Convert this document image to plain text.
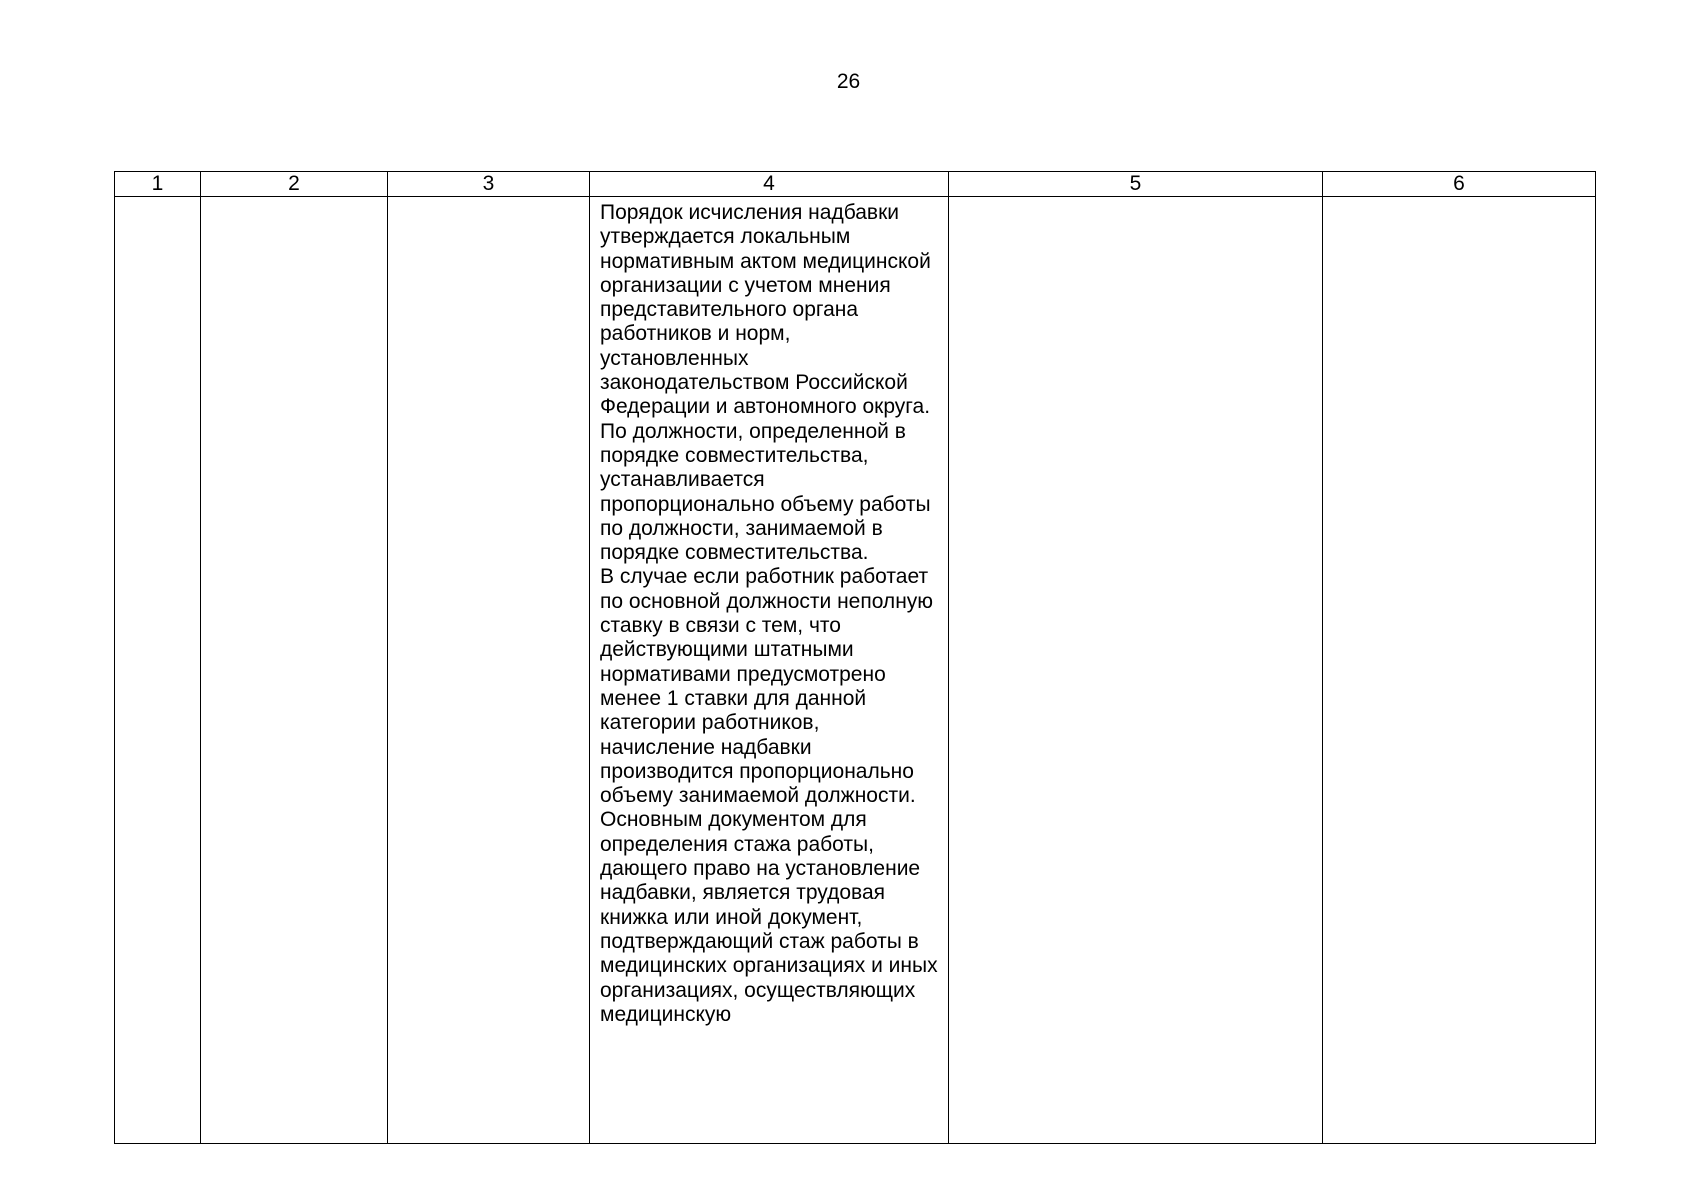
26
1	2	3	4	5	6

			Порядок исчисления надбавки утверждается локальным нормативным актом медицинской организации с учетом мнения представительного органа работников и норм, установленных законодательством Российской Федерации и автономного округа.

По должности, определенной в порядке совместительства, устанавливается пропорционально объему работы по должности, занимаемой в порядке совместительства.

В случае если работник работает по основной должности неполную ставку в связи с тем, что действующими штатными нормативами предусмотрено менее 1 ставки для данной категории работников, начисление надбавки производится пропорционально объему занимаемой должности.

Основным документом для определения стажа работы, дающего право на установление надбавки, является трудовая книжка или иной документ, подтверждающий стаж работы в медицинских организациях и иных организациях, осуществляющих медицинскую		
